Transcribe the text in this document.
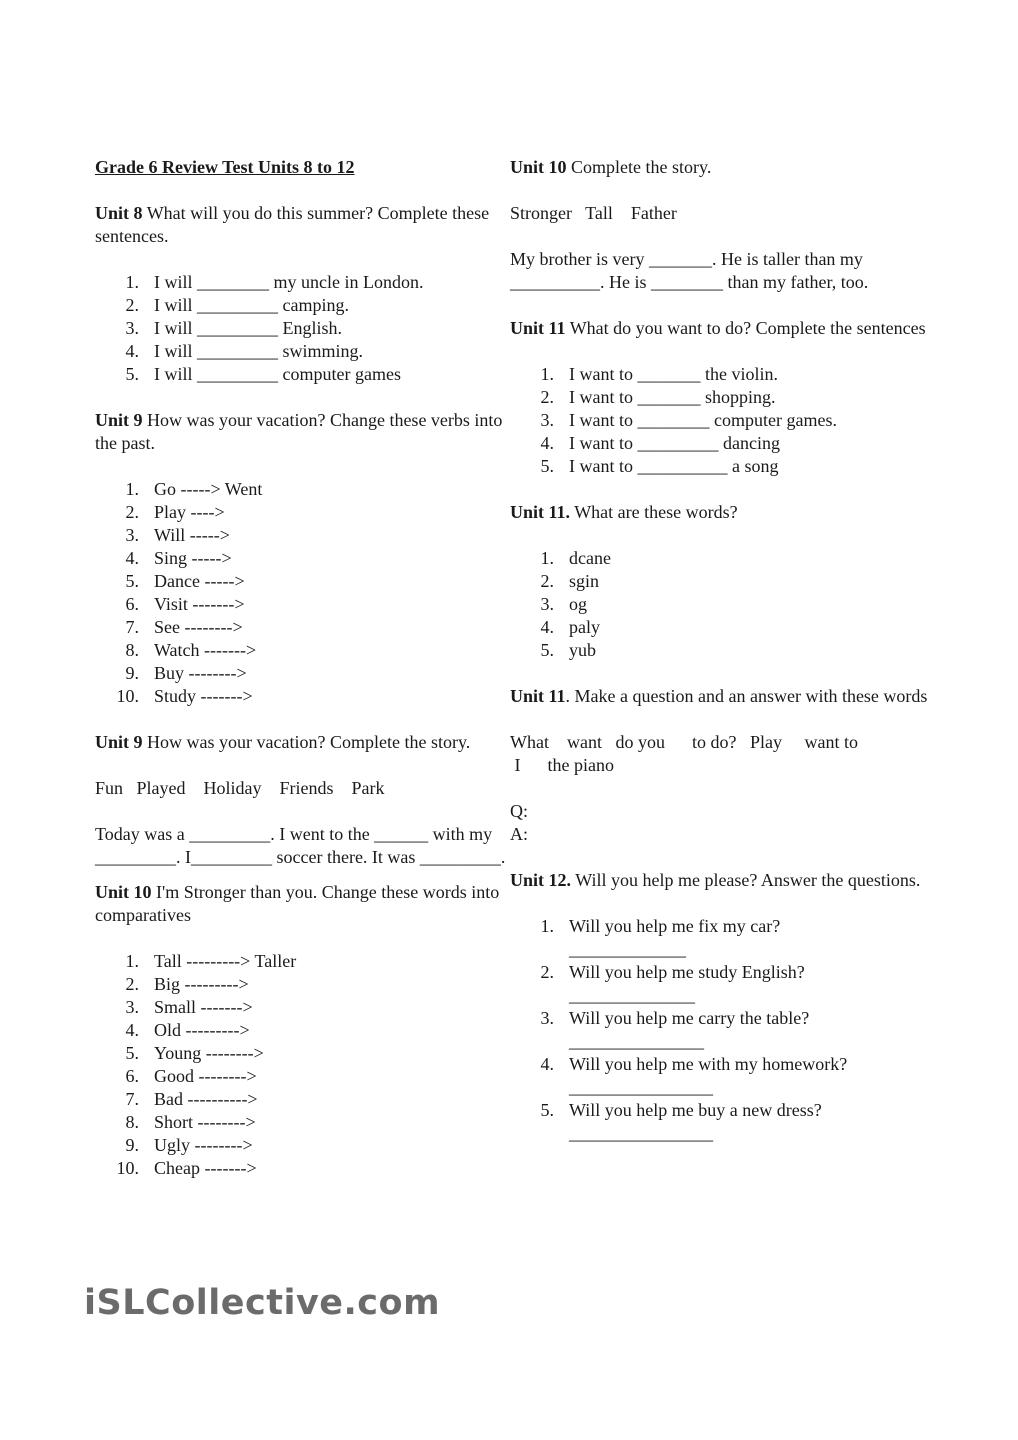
Grade 6 Review Test Units 8 to 12

Unit 8 What will you do this summer? Complete these sentences.

1. I will ________ my uncle in London.
2. I will _________ camping.
3. I will _________ English.
4. I will _________ swimming.
5. I will _________ computer games

Unit 9 How was your vacation? Change these verbs into the past.

1. Go -----> Went
2. Play ---->
3. Will ----->
4. Sing ----->
5. Dance ----->
6. Visit ------->
7. See -------->
8. Watch ------->
9. Buy -------->
10. Study ------->

Unit 9 How was your vacation? Complete the story.

Fun   Played    Holiday    Friends    Park

Today was a _________. I went to the ______ with my _________. I_________ soccer there. It was _________.

Unit 10 I'm Stronger than you. Change these words into comparatives

1. Tall ---------> Taller
2. Big --------->
3. Small ------->
4. Old --------->
5. Young -------->
6. Good -------->
7. Bad ---------->
8. Short -------->
9. Ugly -------->
10. Cheap ------->

Unit 10 Complete the story.

Stronger   Tall    Father

My brother is very _______. He is taller than my __________. He is ________ than my father, too.

Unit 11 What do you want to do? Complete the sentences

1. I want to _______ the violin.
2. I want to _______ shopping.
3. I want to ________ computer games.
4. I want to _________ dancing
5. I want to __________ a song

Unit 11. What are these words?

1. dcane
2. sgin
3. og
4. paly
5. yub

Unit 11. Make a question and an answer with these words

What    want   do you      to do?   Play     want to

I      the piano

Q:

A:

Unit 12. Will you help me please? Answer the questions.

1. Will you help me fix my car?

_____________

2. Will you help me study English?

______________

3. Will you help me carry the table?

_______________

4. Will you help me with my homework?

________________

5. Will you help me buy a new dress?

________________

iSLCollective.com
